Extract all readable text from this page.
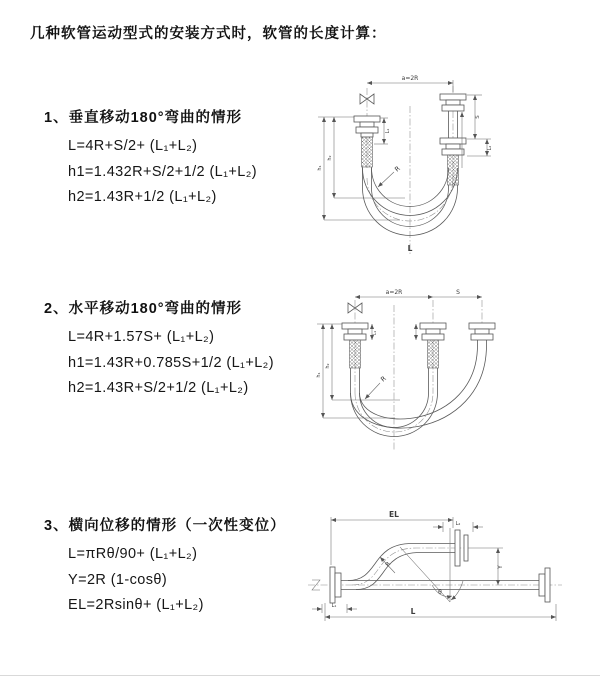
几种软管运动型式的安装方式时，软管的长度计算：
1、垂直移动180°弯曲的情形
L=4R+S/2+ (L₁+L₂)
h1=1.432R+S/2+1/2 (L₁+L₂)
h2=1.43R+1/2 (L₁+L₂)
2、水平移动180°弯曲的情形
L=4R+1.57S+ (L₁+L₂)
h1=1.43R+0.785S+1/2 (L₁+L₂)
h2=1.43R+S/2+1/2 (L₁+L₂)
3、横向位移的情形（一次性变位）
L=πRθ/90+ (L₁+L₂)
Y=2R (1-cosθ)
EL=2Rsinθ+ (L₁+L₂)
a=2R
L₁
S
L₂
h₁
h₂
R
L
a=2R	S
L₁
h₁
h₂
R
EL
L₂
Y
R
θ
L
L₁
